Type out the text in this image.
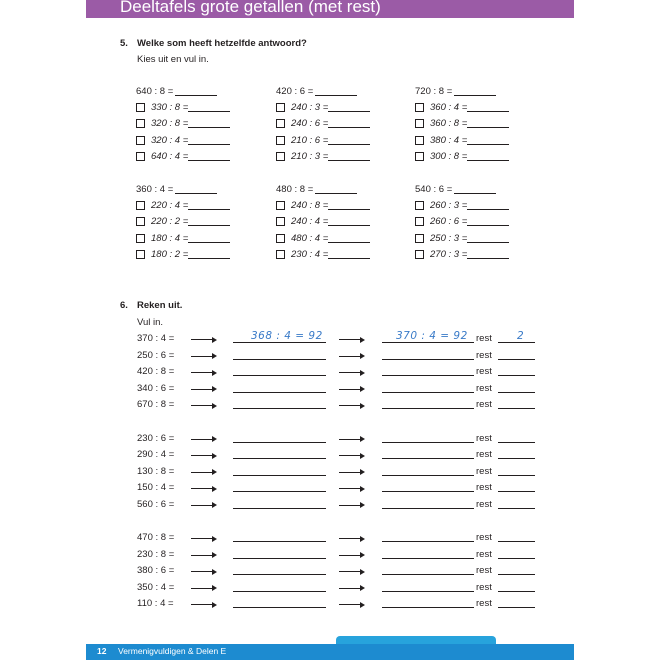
Deeltafels grote getallen (met rest)
5. Welke som heeft hetzelfde antwoord?
Kies uit en vul in.
640 : 8 =
330 : 8 =
320 : 8 =
320 : 4 =
640 : 4 =
420 : 6 =
240 : 3 =
240 : 6 =
210 : 6 =
210 : 3 =
720 : 8 =
360 : 4 =
360 : 8 =
380 : 4 =
300 : 8 =
360 : 4 =
220 : 4 =
220 : 2 =
180 : 4 =
180 : 2 =
480 : 8 =
240 : 8 =
240 : 4 =
480 : 4 =
230 : 4 =
540 : 6 =
260 : 3 =
260 : 6 =
250 : 3 =
270 : 3 =
6. Reken uit.
Vul in.
370 : 4 =	368 : 4 = 92	370 : 4 = 92 rest 2
250 : 6 =	rest
420 : 8 =	rest
340 : 6 =	rest
670 : 8 =	rest
230 : 6 =	rest
290 : 4 =	rest
130 : 8 =	rest
150 : 4 =	rest
560 : 6 =	rest
470 : 8 =	rest
230 : 8 =	rest
380 : 6 =	rest
350 : 4 =	rest
110 : 4 =	rest
12 Vermenigvuldigen & Delen E
